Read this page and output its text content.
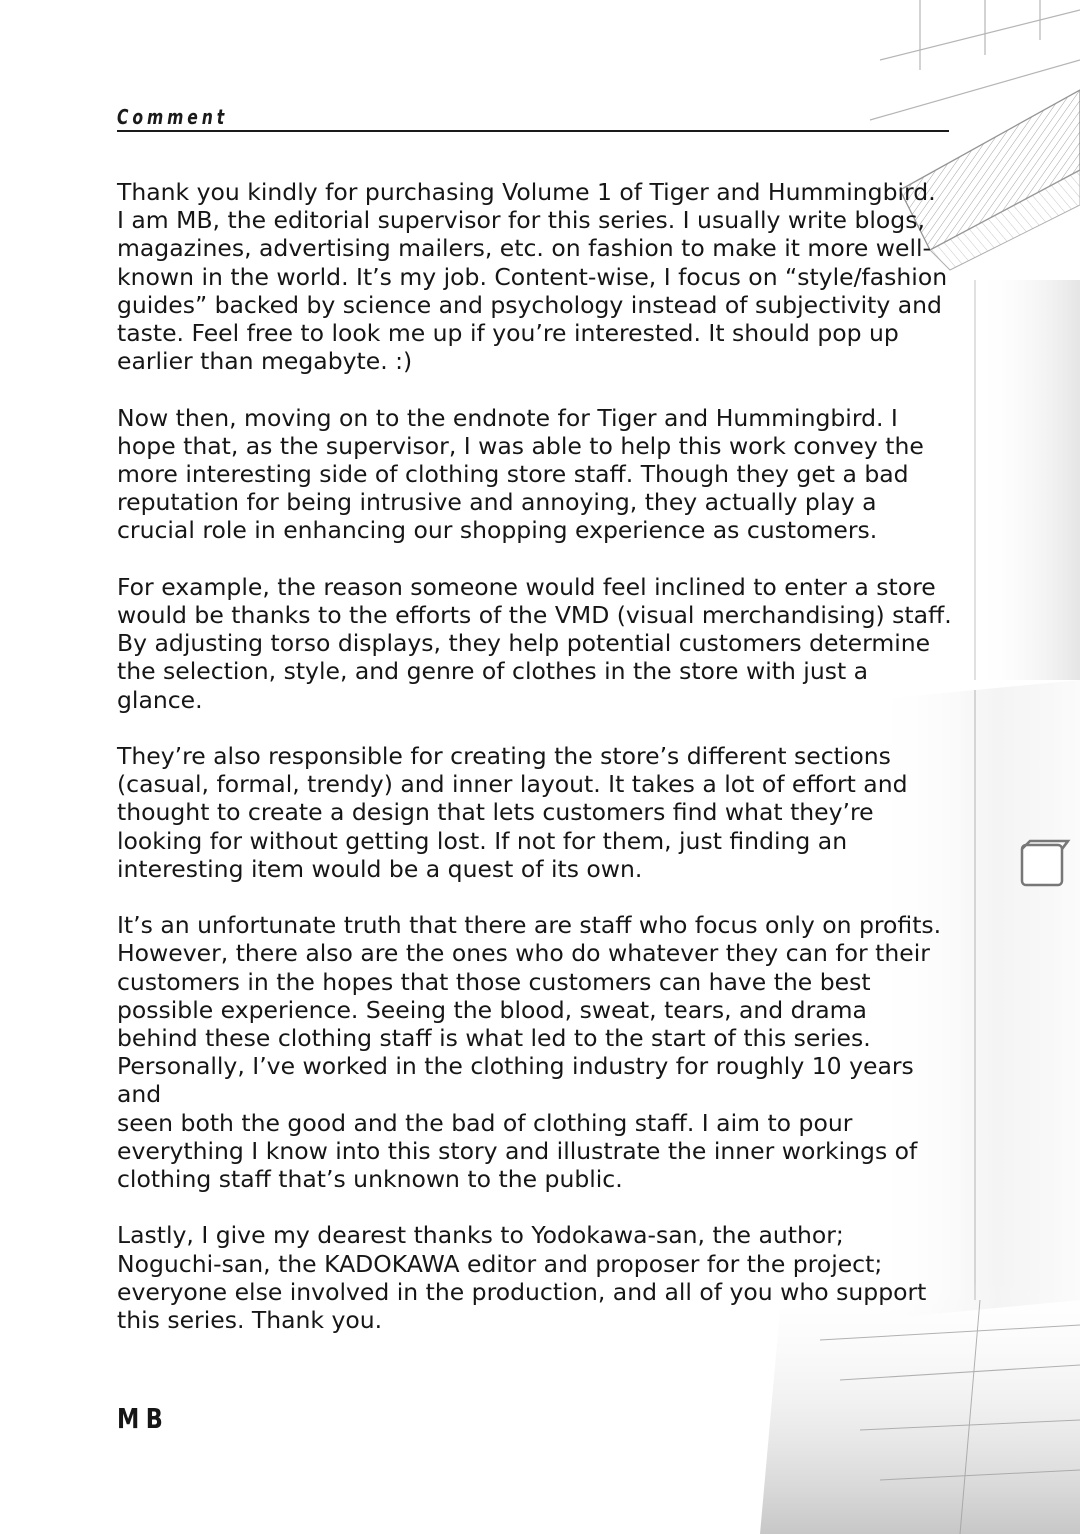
Comment

Thank you kindly for purchasing Volume 1 of Tiger and Hummingbird.
I am MB, the editorial supervisor for this series. I usually write blogs,
magazines, advertising mailers, etc. on fashion to make it more well-
known in the world. It’s my job. Content-wise, I focus on “style/fashion
guides” backed by science and psychology instead of subjectivity and
taste. Feel free to look me up if you’re interested. It should pop up
earlier than megabyte. :)

Now then, moving on to the endnote for Tiger and Hummingbird. I
hope that, as the supervisor, I was able to help this work convey the
more interesting side of clothing store staff. Though they get a bad
reputation for being intrusive and annoying, they actually play a
crucial role in enhancing our shopping experience as customers.

For example, the reason someone would feel inclined to enter a store
would be thanks to the efforts of the VMD (visual merchandising) staff.
By adjusting torso displays, they help potential customers determine
the selection, style, and genre of clothes in the store with just a glance.

They’re also responsible for creating the store’s different sections
(casual, formal, trendy) and inner layout. It takes a lot of effort and
thought to create a design that lets customers find what they’re
looking for without getting lost. If not for them, just finding an
interesting item would be a quest of its own.

It’s an unfortunate truth that there are staff who focus only on profits.
However, there also are the ones who do whatever they can for their
customers in the hopes that those customers can have the best
possible experience. Seeing the blood, sweat, tears, and drama
behind these clothing staff is what led to the start of this series.
Personally, I’ve worked in the clothing industry for roughly 10 years and
seen both the good and the bad of clothing staff. I aim to pour
everything I know into this story and illustrate the inner workings of
clothing staff that’s unknown to the public.

Lastly, I give my dearest thanks to Yodokawa-san, the author;
Noguchi-san, the KADOKAWA editor and proposer for the project;
everyone else involved in the production, and all of you who support
this series. Thank you.

MB
